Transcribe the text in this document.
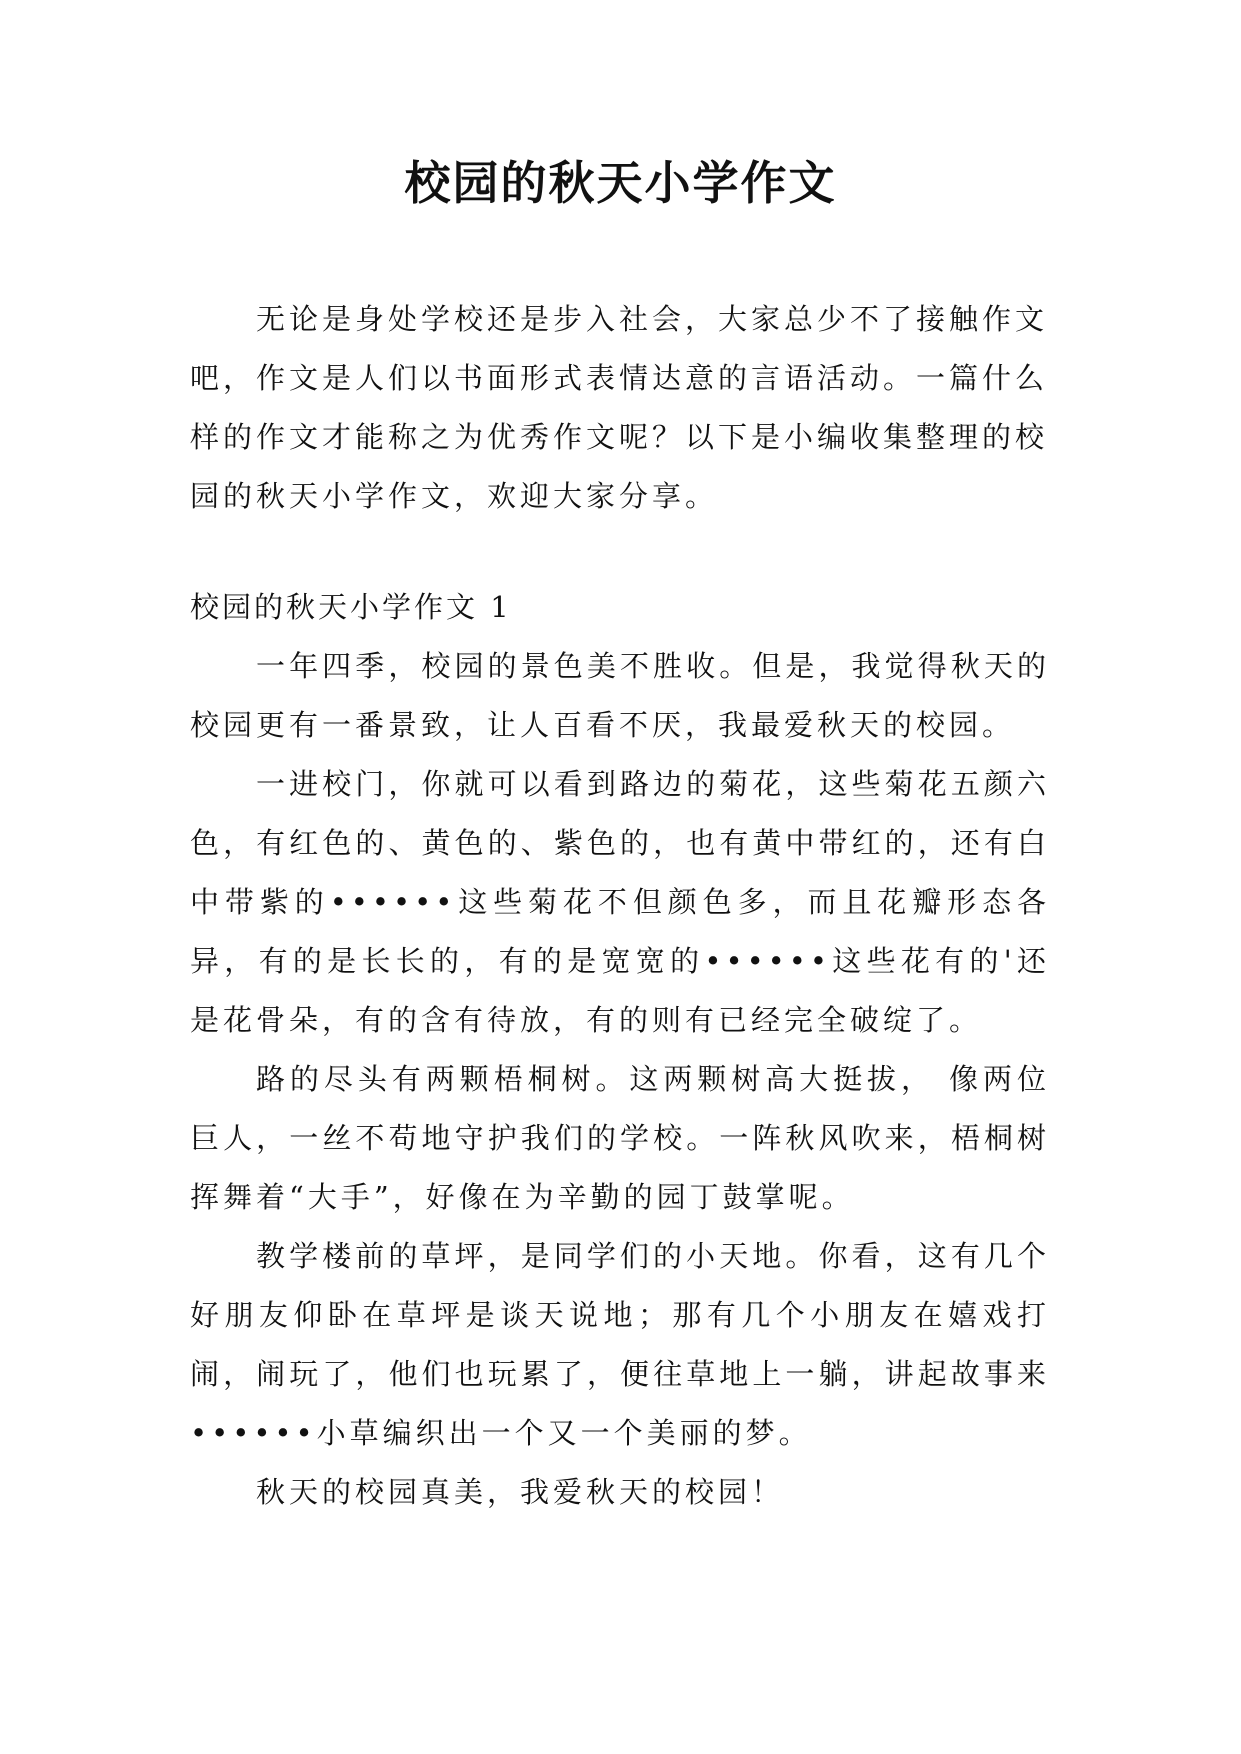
校园的秋天小学作文

无论是身处学校还是步入社会，大家总少不了接触作文吧，作文是人们以书面形式表情达意的言语活动。一篇什么样的作文才能称之为优秀作文呢？以下是小编收集整理的校园的秋天小学作文，欢迎大家分享。

校园的秋天小学作文 1

一年四季，校园的景色美不胜收。但是，我觉得秋天的校园更有一番景致，让人百看不厌，我最爱秋天的校园。

一进校门，你就可以看到路边的菊花，这些菊花五颜六色，有红色的、黄色的、紫色的，也有黄中带红的，还有白中带紫的••••••这些菊花不但颜色多，而且花瓣形态各异，有的是长长的，有的是宽宽的••••••这些花有的'还是花骨朵，有的含有待放，有的则有已经完全破绽了。

路的尽头有两颗梧桐树。这两颗树高大挺拔， 像两位巨人，一丝不苟地守护我们的学校。一阵秋风吹来，梧桐树挥舞着“大手”，好像在为辛勤的园丁鼓掌呢。

教学楼前的草坪，是同学们的小天地。你看，这有几个好朋友仰卧在草坪是谈天说地；那有几个小朋友在嬉戏打闹，闹玩了，他们也玩累了，便往草地上一躺，讲起故事来••••••小草编织出一个又一个美丽的梦。

秋天的校园真美，我爱秋天的校园！
